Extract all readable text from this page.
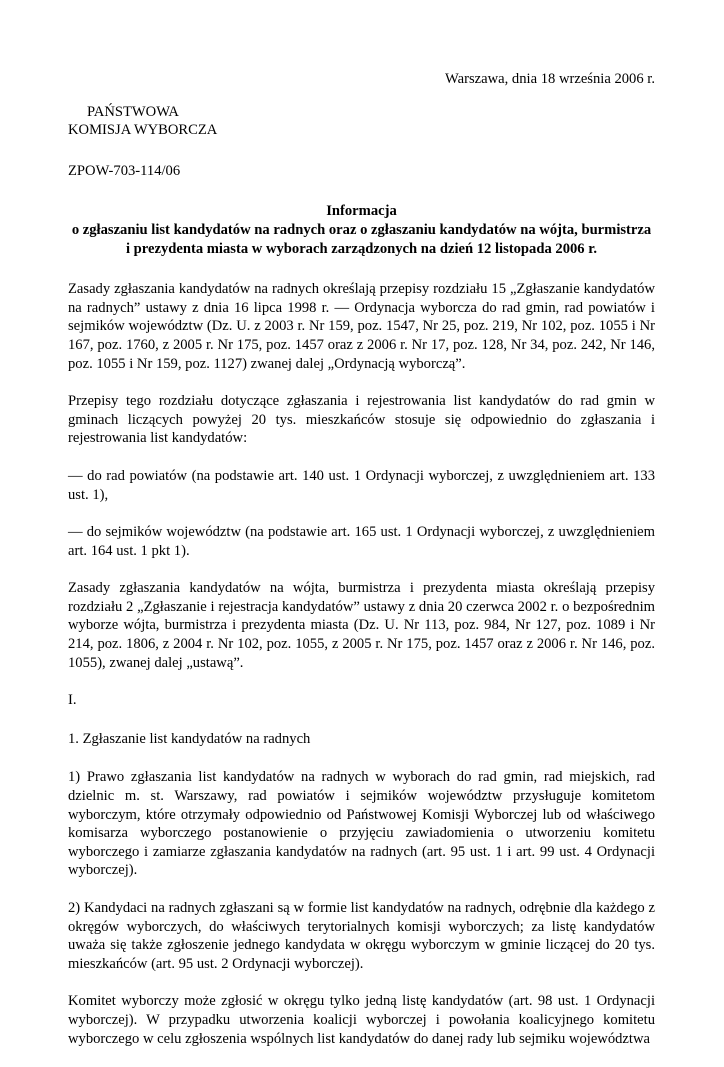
Warszawa, dnia 18 września 2006 r.
PAŃSTWOWA
KOMISJA WYBORCZA
ZPOW-703-114/06
Informacja
o zgłaszaniu list kandydatów na radnych oraz o zgłaszaniu kandydatów na wójta, burmistrza
i prezydenta miasta w wyborach zarządzonych na dzień 12 listopada 2006 r.

Zasady zgłaszania kandydatów na radnych określają przepisy rozdziału 15 „Zgłaszanie kandydatów na radnych” ustawy z dnia 16 lipca 1998 r. — Ordynacja wyborcza do rad gmin, rad powiatów i sejmików województw (Dz. U. z 2003 r. Nr 159, poz. 1547, Nr 25, poz. 219, Nr 102, poz. 1055 i Nr 167, poz. 1760, z 2005 r. Nr 175, poz. 1457 oraz z 2006 r. Nr 17, poz. 128, Nr 34, poz. 242, Nr 146, poz. 1055 i Nr 159, poz. 1127) zwanej dalej „Ordynacją wyborczą”.

Przepisy tego rozdziału dotyczące zgłaszania i rejestrowania list kandydatów do rad gmin w gminach liczących powyżej 20 tys. mieszkańców stosuje się odpowiednio do zgłaszania i rejestrowania list kandydatów:

— do rad powiatów (na podstawie art. 140 ust. 1 Ordynacji wyborczej, z uwzględnieniem art. 133 ust. 1),

— do sejmików województw (na podstawie art. 165 ust. 1 Ordynacji wyborczej, z uwzględnieniem art. 164 ust. 1 pkt 1).

Zasady zgłaszania kandydatów na wójta, burmistrza i prezydenta miasta określają przepisy rozdziału 2 „Zgłaszanie i rejestracja kandydatów” ustawy z dnia 20 czerwca 2002 r. o bezpośrednim wyborze wójta, burmistrza i prezydenta miasta (Dz. U. Nr 113, poz. 984, Nr 127, poz. 1089 i Nr 214, poz. 1806, z 2004 r. Nr 102, poz. 1055, z 2005 r. Nr 175, poz. 1457 oraz z 2006 r. Nr 146, poz. 1055), zwanej dalej „ustawą”.

I.
1. Zgłaszanie list kandydatów na radnych

1) Prawo zgłaszania list kandydatów na radnych w wyborach do rad gmin, rad miejskich, rad dzielnic m. st. Warszawy, rad powiatów i sejmików województw przysługuje komitetom wyborczym, które otrzymały odpowiednio od Państwowej Komisji Wyborczej lub od właściwego komisarza wyborczego postanowienie o przyjęciu zawiadomienia o utworzeniu komitetu wyborczego i zamiarze zgłaszania kandydatów na radnych (art. 95 ust. 1 i art. 99 ust. 4 Ordynacji wyborczej).

2) Kandydaci na radnych zgłaszani są w formie list kandydatów na radnych, odrębnie dla każdego z okręgów wyborczych, do właściwych terytorialnych komisji wyborczych; za listę kandydatów uważa się także zgłoszenie jednego kandydata w okręgu wyborczym w gminie liczącej do 20 tys. mieszkańców (art. 95 ust. 2 Ordynacji wyborczej).

Komitet wyborczy może zgłosić w okręgu tylko jedną listę kandydatów (art. 98 ust. 1 Ordynacji wyborczej). W przypadku utworzenia koalicji wyborczej i powołania koalicyjnego komitetu wyborczego w celu zgłoszenia wspólnych list kandydatów do danej rady lub sejmiku województwa
